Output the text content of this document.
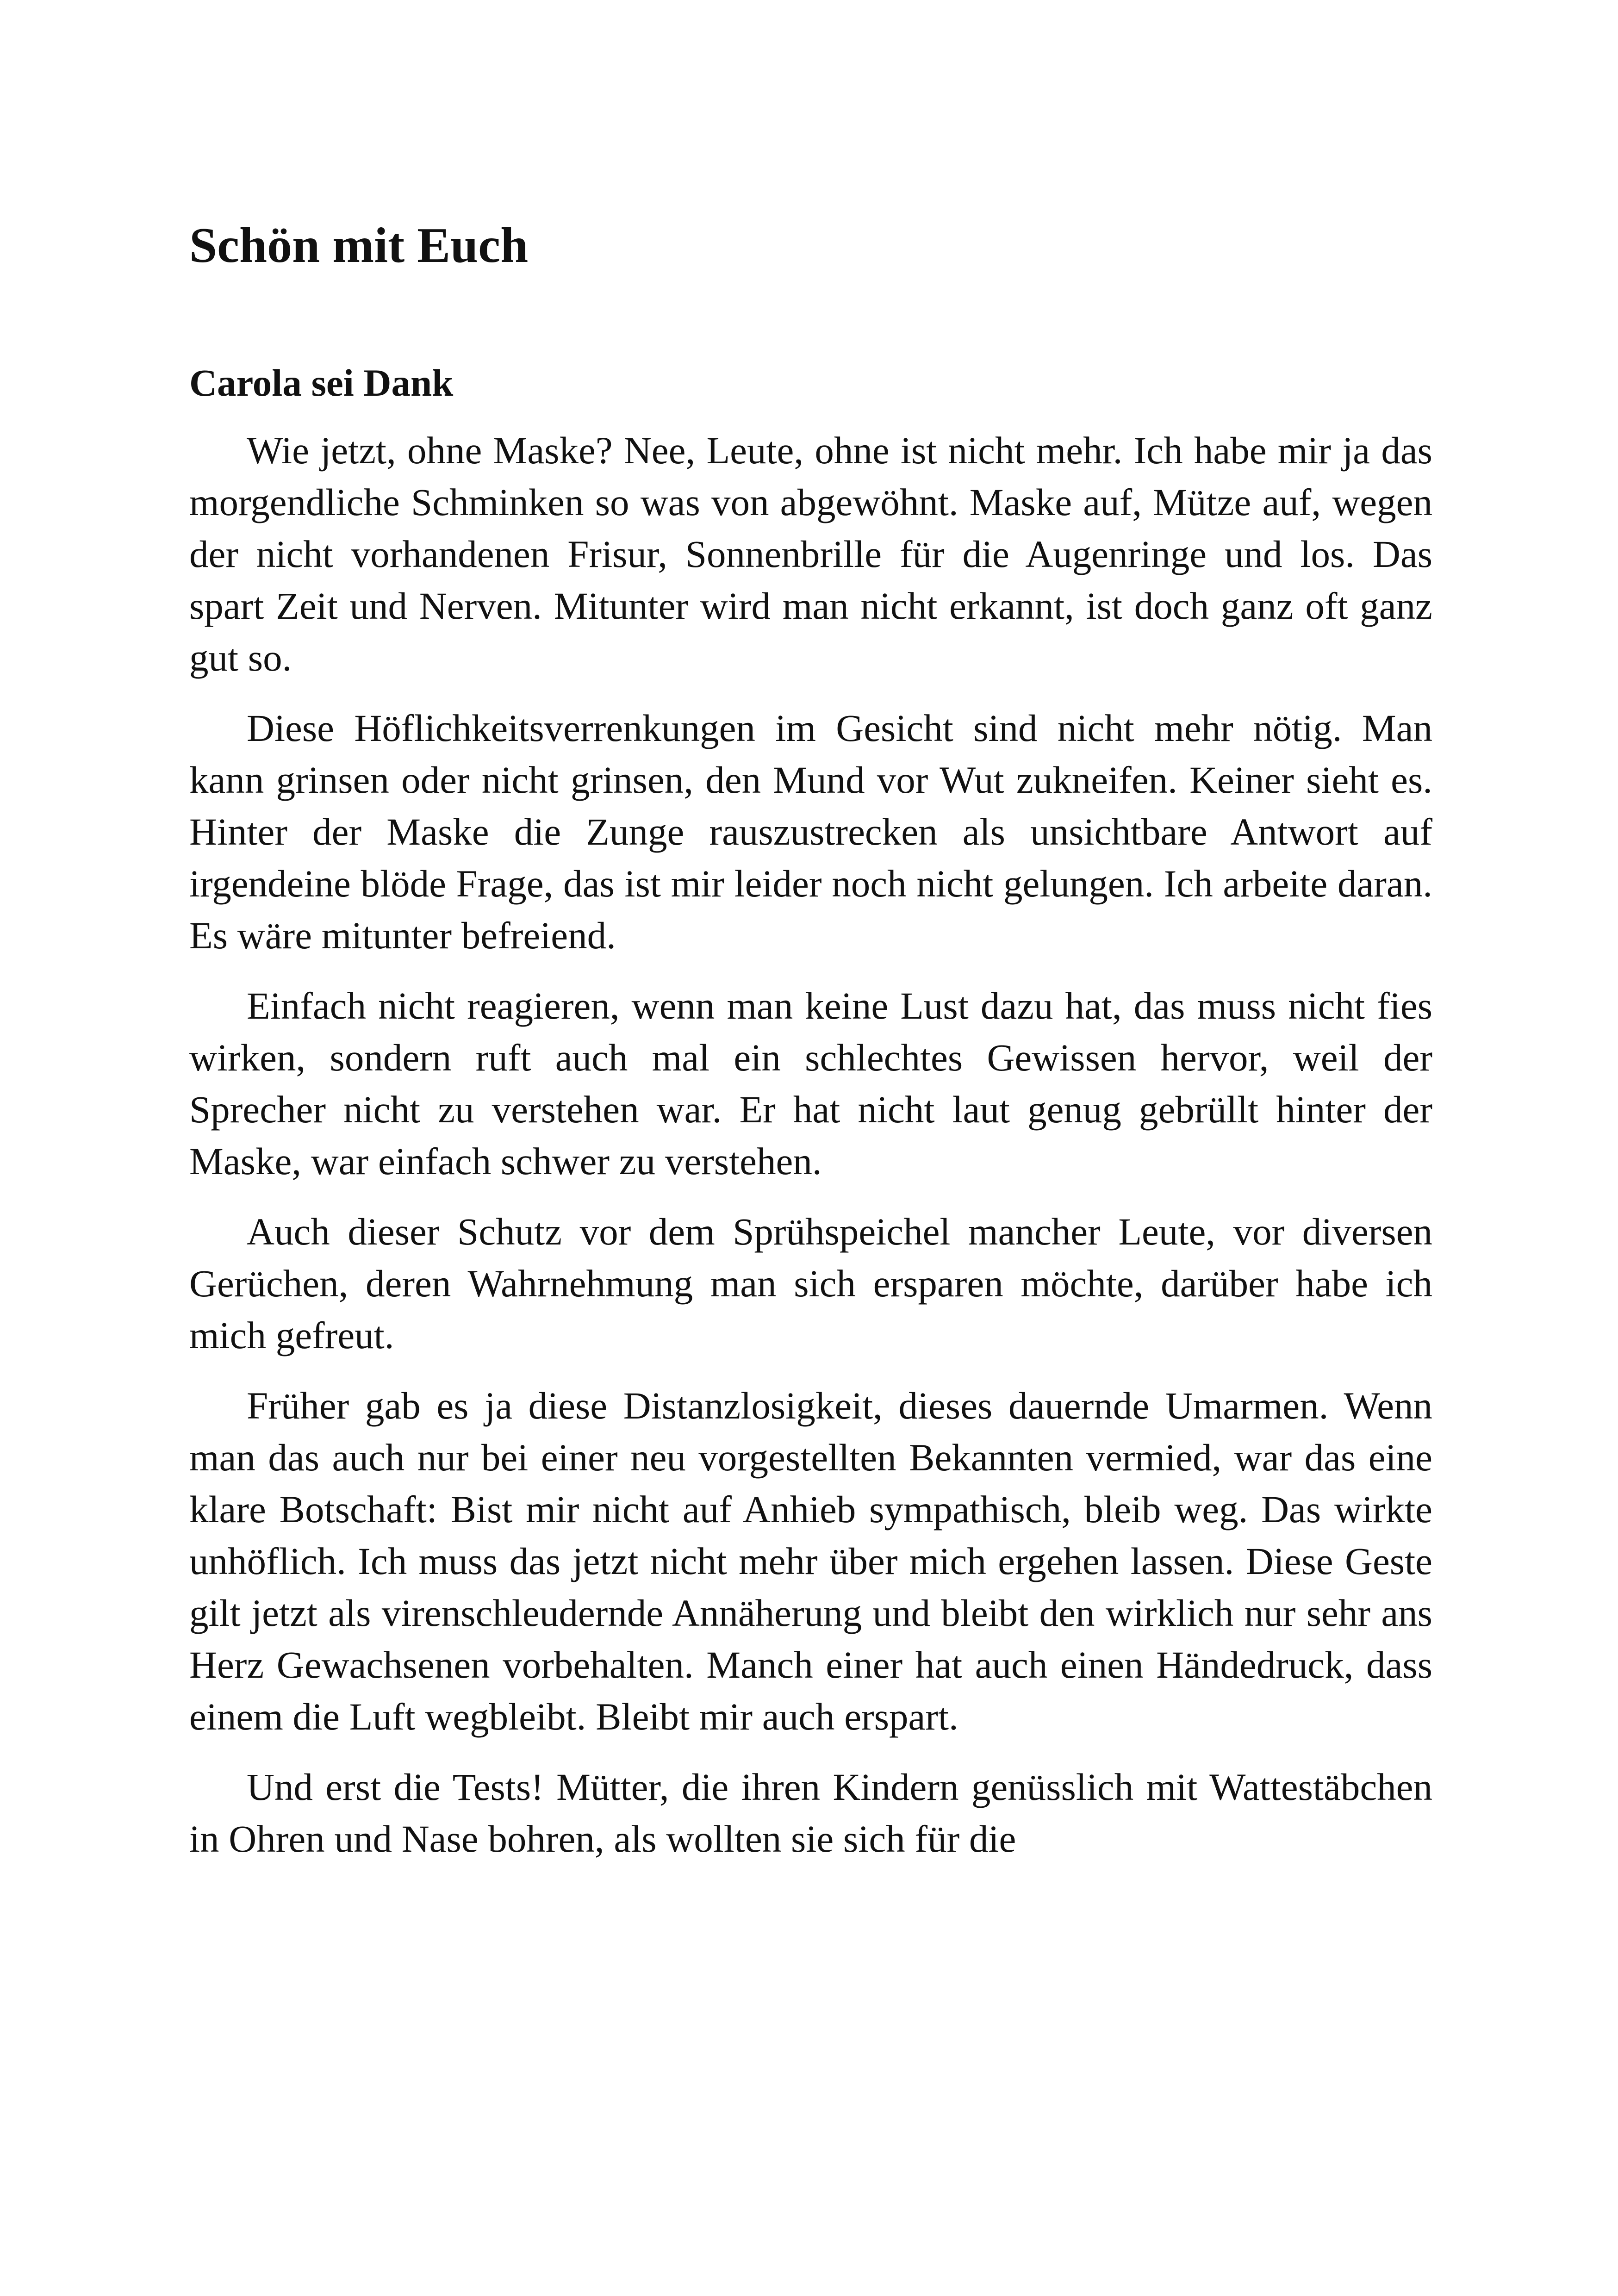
Schön mit Euch
Carola sei Dank

Wie jetzt, ohne Maske? Nee, Leute, ohne ist nicht mehr. Ich habe mir ja das morgendliche Schminken so was von abgewöhnt. Maske auf, Mütze auf, wegen der nicht vorhandenen Frisur, Sonnenbrille für die Augenringe und los. Das spart Zeit und Nerven. Mitunter wird man nicht erkannt, ist doch ganz oft ganz gut so.

Diese Höflichkeitsverrenkungen im Gesicht sind nicht mehr nötig. Man kann grinsen oder nicht grinsen, den Mund vor Wut zukneifen. Keiner sieht es. Hinter der Maske die Zunge rauszustrecken als unsichtbare Antwort auf irgendeine blöde Frage, das ist mir leider noch nicht gelungen. Ich arbeite daran. Es wäre mitunter befreiend.

Einfach nicht reagieren, wenn man keine Lust dazu hat, das muss nicht fies wirken, sondern ruft auch mal ein schlechtes Gewissen hervor, weil der Sprecher nicht zu verstehen war. Er hat nicht laut genug gebrüllt hinter der Maske, war einfach schwer zu verstehen.

Auch dieser Schutz vor dem Sprühspeichel mancher Leute, vor diversen Gerüchen, deren Wahrnehmung man sich ersparen möchte, darüber habe ich mich gefreut.

Früher gab es ja diese Distanzlosigkeit, dieses dauernde Umarmen. Wenn man das auch nur bei einer neu vorgestellten Bekannten vermied, war das eine klare Botschaft: Bist mir nicht auf Anhieb sympathisch, bleib weg. Das wirkte unhöflich. Ich muss das jetzt nicht mehr über mich ergehen lassen. Diese Geste gilt jetzt als virenschleudernde Annäherung und bleibt den wirklich nur sehr ans Herz Gewachsenen vorbehalten. Manch einer hat auch einen Händedruck, dass einem die Luft wegbleibt. Bleibt mir auch erspart.

Und erst die Tests! Mütter, die ihren Kindern genüsslich mit Wattestäbchen in Ohren und Nase bohren, als wollten sie sich für die
